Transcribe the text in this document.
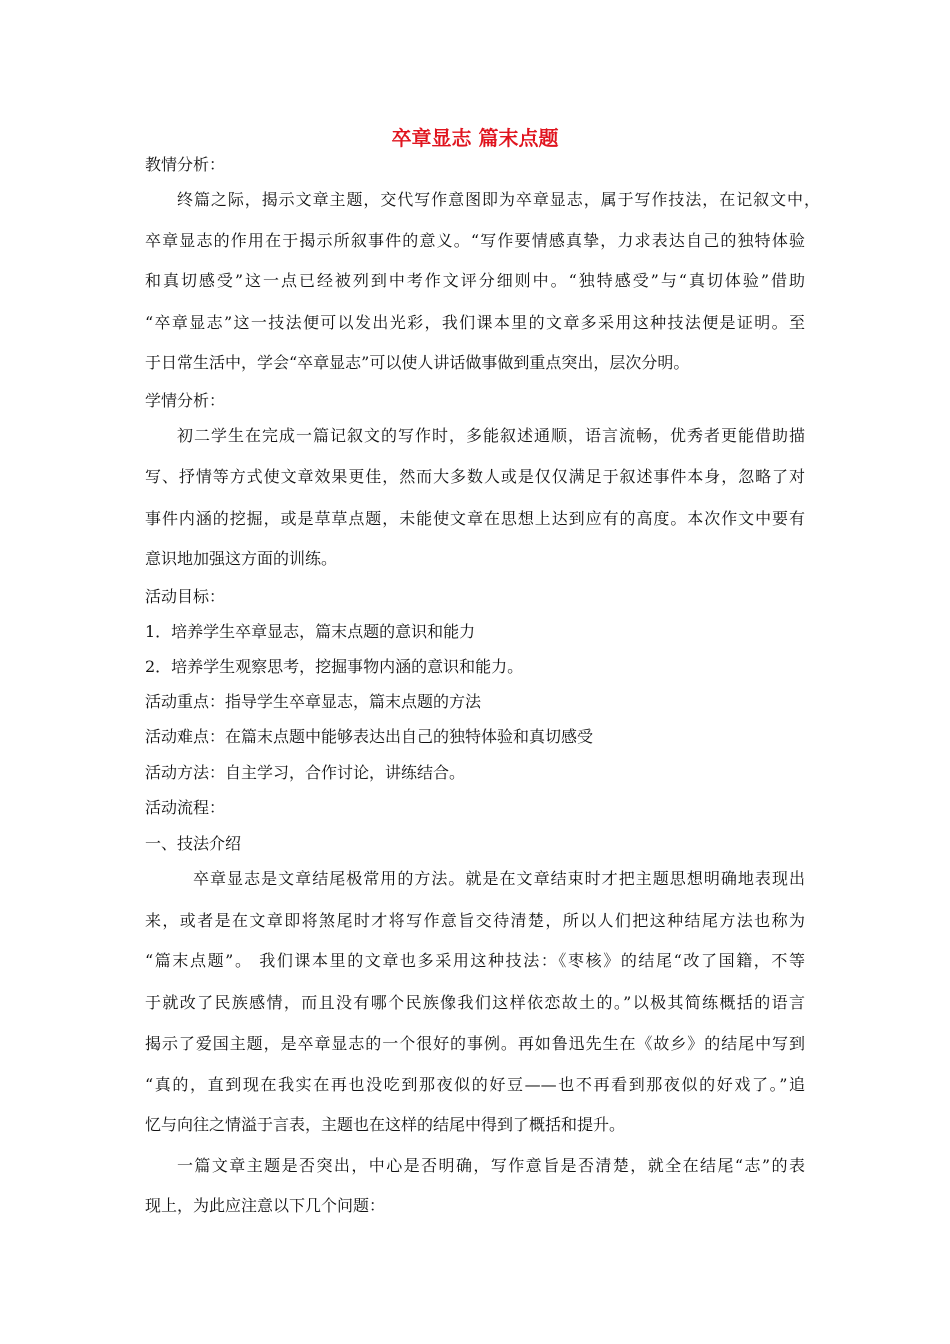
卒章显志 篇末点题
教情分析：
终篇之际，揭示文章主题，交代写作意图即为卒章显志，属于写作技法，在记叙文中，
卒章显志的作用在于揭示所叙事件的意义。“写作要情感真挚，力求表达自己的独特体验
和真切感受”这一点已经被列到中考作文评分细则中。“独特感受”与“真切体验”借助
“卒章显志”这一技法便可以发出光彩，我们课本里的文章多采用这种技法便是证明。至
于日常生活中，学会“卒章显志”可以使人讲话做事做到重点突出，层次分明。
学情分析：
初二学生在完成一篇记叙文的写作时，多能叙述通顺，语言流畅，优秀者更能借助描
写、抒情等方式使文章效果更佳，然而大多数人或是仅仅满足于叙述事件本身，忽略了对
事件内涵的挖掘，或是草草点题，未能使文章在思想上达到应有的高度。本次作文中要有
意识地加强这方面的训练。
活动目标：
1．培养学生卒章显志，篇末点题的意识和能力
2．培养学生观察思考，挖掘事物内涵的意识和能力。
活动重点：指导学生卒章显志，篇末点题的方法
活动难点：在篇末点题中能够表达出自己的独特体验和真切感受
活动方法：自主学习，合作讨论，讲练结合。
活动流程：
一、技法介绍
卒章显志是文章结尾极常用的方法。就是在文章结束时才把主题思想明确地表现出
来，或者是在文章即将煞尾时才将写作意旨交待清楚，所以人们把这种结尾方法也称为
“篇末点题”。 我们课本里的文章也多采用这种技法：《枣核》的结尾“改了国籍，不等
于就改了民族感情，而且没有哪个民族像我们这样依恋故土的。”以极其简练概括的语言
揭示了爱国主题，是卒章显志的一个很好的事例。再如鲁迅先生在《故乡》的结尾中写到
“真的，直到现在我实在再也没吃到那夜似的好豆——也不再看到那夜似的好戏了。”追
忆与向往之情溢于言表，主题也在这样的结尾中得到了概括和提升。
一篇文章主题是否突出，中心是否明确，写作意旨是否清楚，就全在结尾“志”的表
现上，为此应注意以下几个问题：
